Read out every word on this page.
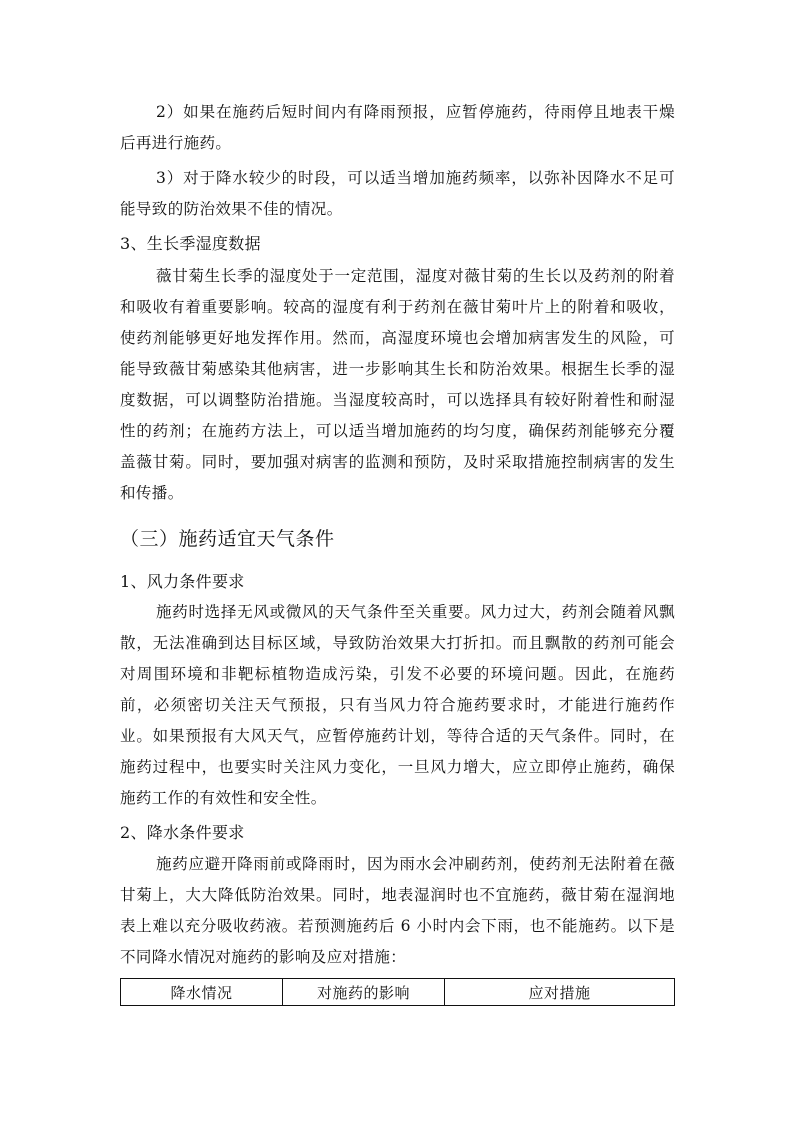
2）如果在施药后短时间内有降雨预报，应暂停施药，待雨停且地表干燥后再进行施药。

3）对于降水较少的时段，可以适当增加施药频率，以弥补因降水不足可能导致的防治效果不佳的情况。

3、生长季湿度数据

薇甘菊生长季的湿度处于一定范围，湿度对薇甘菊的生长以及药剂的附着和吸收有着重要影响。较高的湿度有利于药剂在薇甘菊叶片上的附着和吸收，使药剂能够更好地发挥作用。然而，高湿度环境也会增加病害发生的风险，可能导致薇甘菊感染其他病害，进一步影响其生长和防治效果。根据生长季的湿度数据，可以调整防治措施。当湿度较高时，可以选择具有较好附着性和耐湿性的药剂；在施药方法上，可以适当增加施药的均匀度，确保药剂能够充分覆盖薇甘菊。同时，要加强对病害的监测和预防，及时采取措施控制病害的发生和传播。

（三）施药适宜天气条件

1、风力条件要求

施药时选择无风或微风的天气条件至关重要。风力过大，药剂会随着风飘散，无法准确到达目标区域，导致防治效果大打折扣。而且飘散的药剂可能会对周围环境和非靶标植物造成污染，引发不必要的环境问题。因此，在施药前，必须密切关注天气预报，只有当风力符合施药要求时，才能进行施药作业。如果预报有大风天气，应暂停施药计划，等待合适的天气条件。同时，在施药过程中，也要实时关注风力变化，一旦风力增大，应立即停止施药，确保施药工作的有效性和安全性。

2、降水条件要求

施药应避开降雨前或降雨时，因为雨水会冲刷药剂，使药剂无法附着在薇甘菊上，大大降低防治效果。同时，地表湿润时也不宜施药，薇甘菊在湿润地表上难以充分吸收药液。若预测施药后 6 小时内会下雨，也不能施药。以下是不同降水情况对施药的影响及应对措施：

降水情况	对施药的影响	应对措施
